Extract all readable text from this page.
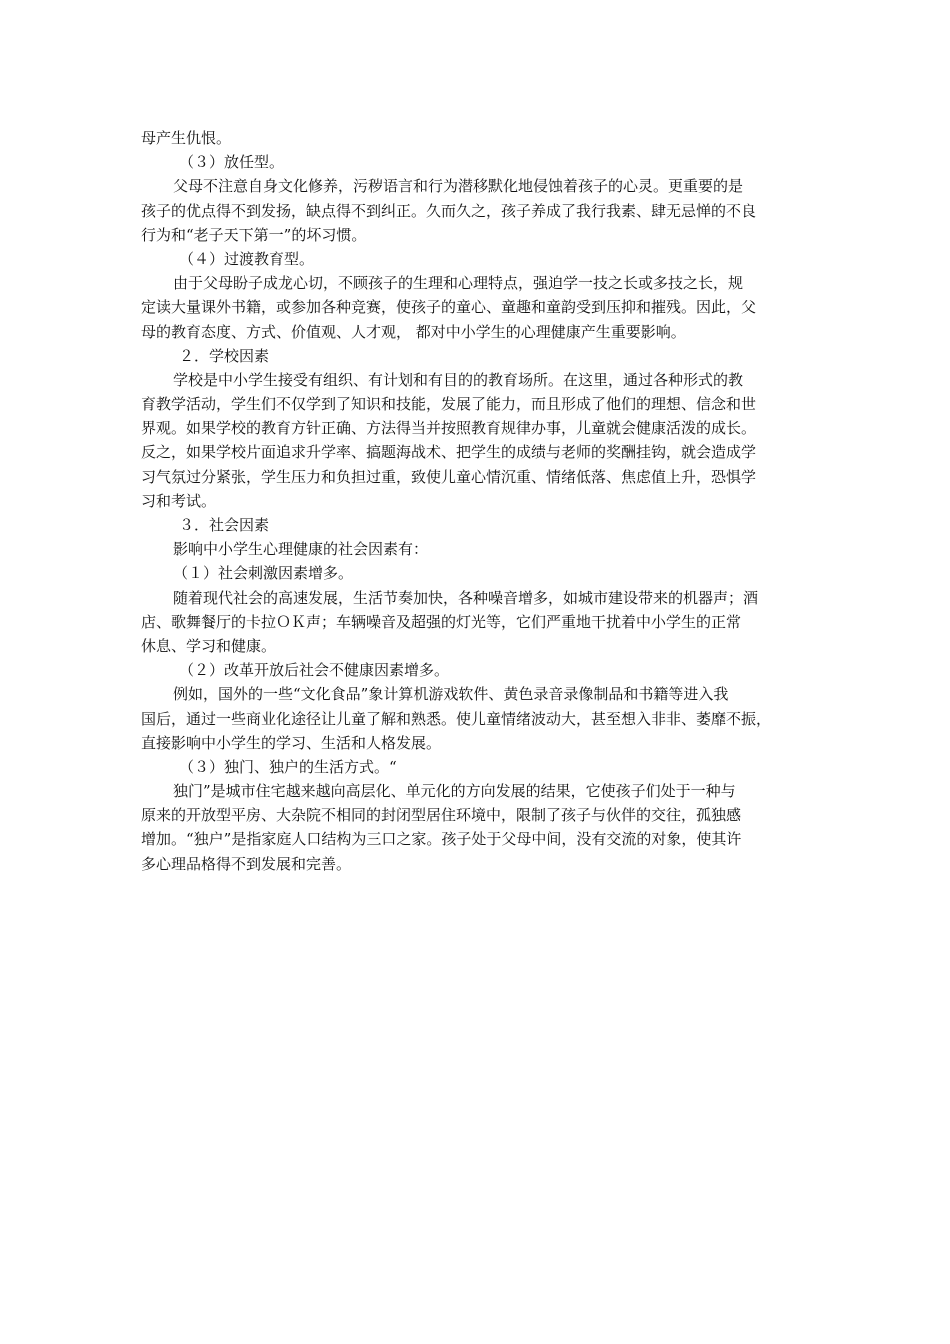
母产生仇恨。
（３）放任型。
父母不注意自身文化修养，污秽语言和行为潜移默化地侵蚀着孩子的心灵。更重要的是
孩子的优点得不到发扬，缺点得不到纠正。久而久之，孩子养成了我行我素、肆无忌惮的不良
行为和“老子天下第一”的坏习惯。
（４）过渡教育型。
由于父母盼子成龙心切，不顾孩子的生理和心理特点，强迫学一技之长或多技之长，规
定读大量课外书籍，或参加各种竞赛，使孩子的童心、童趣和童韵受到压抑和摧残。因此，父
母的教育态度、方式、价值观、人才观， 都对中小学生的心理健康产生重要影响。
２．学校因素
学校是中小学生接受有组织、有计划和有目的的教育场所。在这里，通过各种形式的教
育教学活动，学生们不仅学到了知识和技能，发展了能力，而且形成了他们的理想、信念和世
界观。如果学校的教育方针正确、方法得当并按照教育规律办事，儿童就会健康活泼的成长。
反之，如果学校片面追求升学率、搞题海战术、把学生的成绩与老师的奖酬挂钩，就会造成学
习气氛过分紧张，学生压力和负担过重，致使儿童心情沉重、情绪低落、焦虑值上升，恐惧学
习和考试。
３．社会因素
影响中小学生心理健康的社会因素有：
（１）社会刺激因素增多。
随着现代社会的高速发展，生活节奏加快，各种噪音增多，如城市建设带来的机器声；酒
店、歌舞餐厅的卡拉ＯＫ声；车辆噪音及超强的灯光等，它们严重地干扰着中小学生的正常
休息、学习和健康。
（２）改革开放后社会不健康因素增多。
例如，国外的一些“文化食品”象计算机游戏软件、黄色录音录像制品和书籍等进入我
国后，通过一些商业化途径让儿童了解和熟悉。使儿童情绪波动大，甚至想入非非、萎靡不振，
直接影响中小学生的学习、生活和人格发展。
（３）独门、独户的生活方式。“
独门”是城市住宅越来越向高层化、单元化的方向发展的结果，它使孩子们处于一种与
原来的开放型平房、大杂院不相同的封闭型居住环境中，限制了孩子与伙伴的交往，孤独感
增加。“独户”是指家庭人口结构为三口之家。孩子处于父母中间，没有交流的对象，使其许
多心理品格得不到发展和完善。
